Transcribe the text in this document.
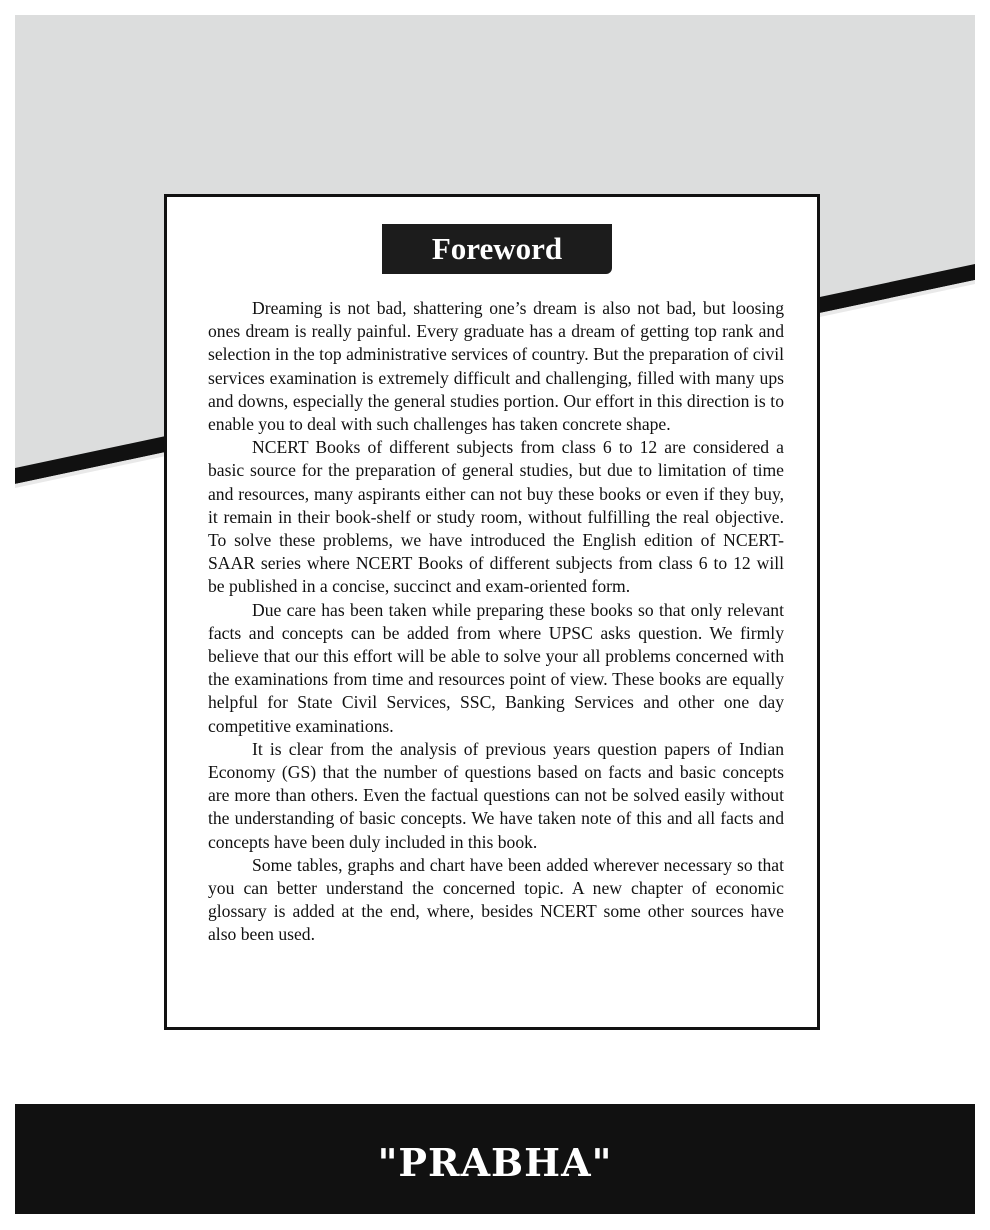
Foreword

Dreaming is not bad, shattering one’s dream is also not bad, but loosing ones dream is really painful. Every graduate has a dream of getting top rank and selection in the top administrative services of country. But the preparation of civil services examination is extremely difficult and challenging, filled with many ups and downs, especially the general studies portion. Our effort in this direction is to enable you to deal with such challenges has taken concrete shape.

NCERT Books of different subjects from class 6 to 12 are considered a basic source for the preparation of general studies, but due to limitation of time and resources, many aspirants either can not buy these books or even if they buy, it remain in their book-shelf or study room, without fulfilling the real objective. To solve these problems, we have introduced the English edition of NCERT-SAAR series where NCERT Books of different subjects from class 6 to 12 will be published in a concise, succinct and exam-oriented form.

Due care has been taken while preparing these books so that only relevant facts and concepts can be added from where UPSC asks question. We firmly believe that our this effort will be able to solve your all problems concerned with the examinations from time and resources point of view. These books are equally helpful for State Civil Services, SSC, Banking Services and other one day competitive examinations.

It is clear from the analysis of previous years question papers of Indian Economy (GS) that the number of questions based on facts and basic concepts are more than others. Even the factual questions can not be solved easily without the understanding of basic concepts. We have taken note of this and all facts and concepts have been duly included in this book.

Some tables, graphs and chart have been added wherever necessary so that you can better understand the concerned topic. A new chapter of economic glossary is added at the end, where, besides NCERT some other sources have also been used.

"PRABHA"
